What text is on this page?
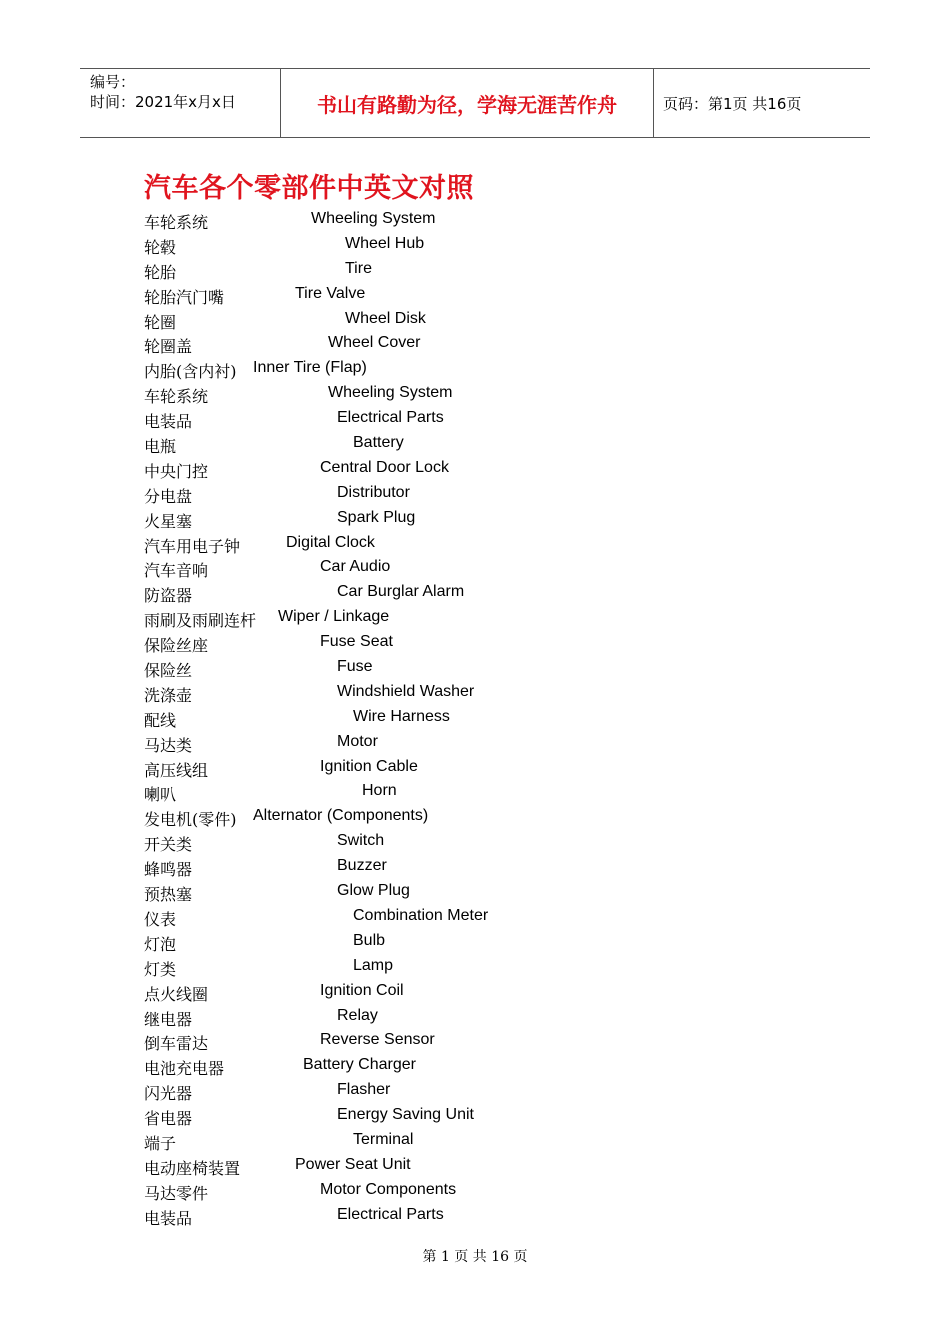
编号：
时间：2021年x月x日	书山有路勤为径，学海无涯苦作舟	页码：第1页 共16页
汽车各个零部件中英文对照
车轮系统	Wheeling System
轮毂	Wheel Hub
轮胎	Tire
轮胎汽门嘴	Tire Valve
轮圈	Wheel Disk
轮圈盖	Wheel Cover
内胎(含内衬) Inner Tire (Flap)
车轮系统	Wheeling System
电装品	Electrical Parts
电瓶	Battery
中央门控	Central Door Lock
分电盘	Distributor
火星塞	Spark Plug
汽车用电子钟	Digital Clock
汽车音响	Car Audio
防盗器	Car Burglar Alarm
雨刷及雨刷连杆 Wiper / Linkage
保险丝座	Fuse Seat
保险丝	Fuse
洗涤壶	Windshield Washer
配线	Wire Harness
马达类	Motor
高压线组	Ignition Cable
喇叭	Horn
发电机(零件) Alternator (Components)
开关类	Switch
蜂鸣器	Buzzer
预热塞	Glow Plug
仪表	Combination Meter
灯泡	Bulb
灯类	Lamp
点火线圈	Ignition Coil
继电器	Relay
倒车雷达	Reverse Sensor
电池充电器	Battery Charger
闪光器	Flasher
省电器	Energy Saving Unit
端子	Terminal
电动座椅装置	Power Seat Unit
马达零件	Motor Components
电装品	Electrical Parts
第 1 页 共 16 页
